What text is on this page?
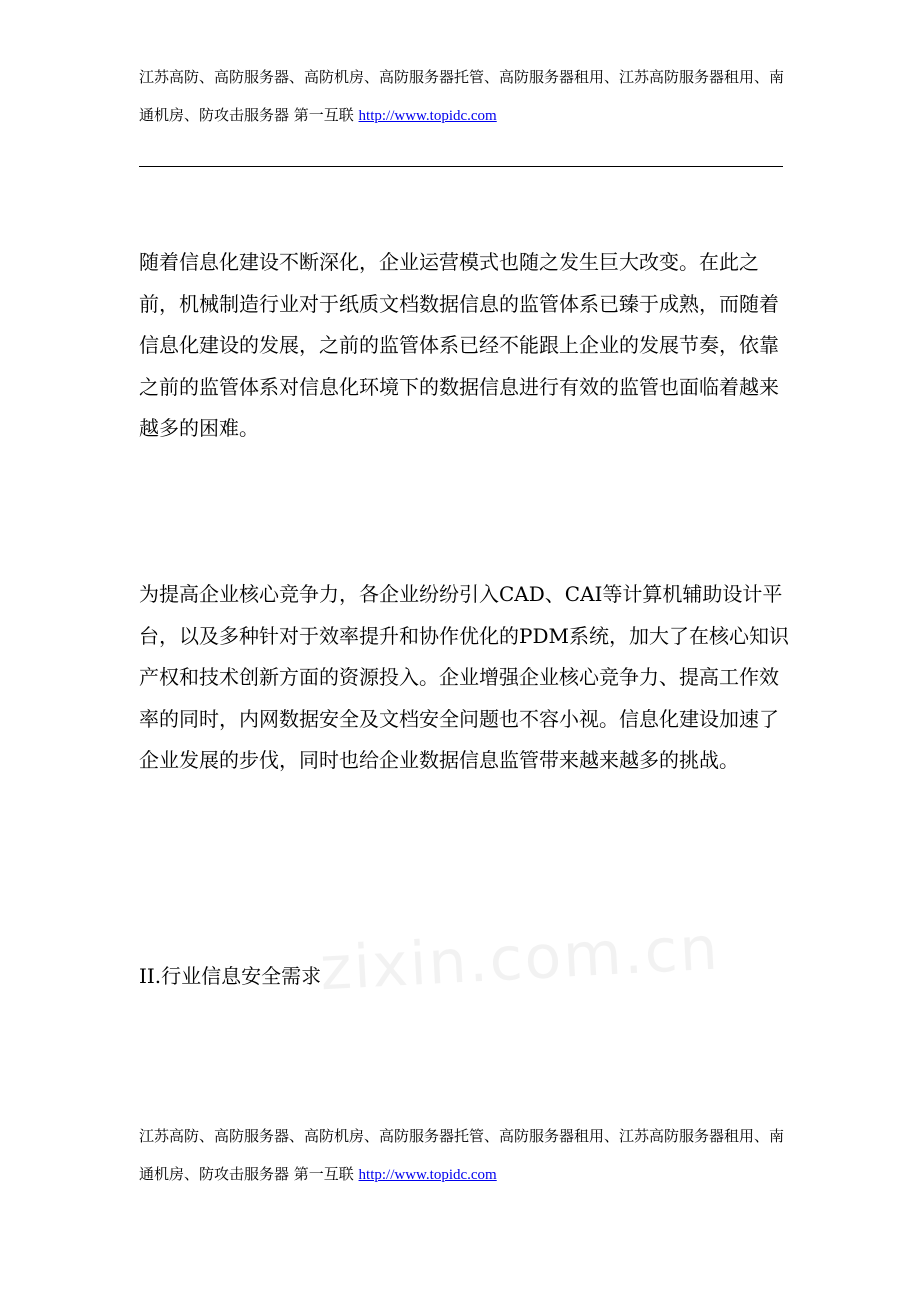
江苏高防、高防服务器、高防机房、高防服务器托管、高防服务器租用、江苏高防服务器租用、南通机房、防攻击服务器 第一互联 http://www.topidc.com

随着信息化建设不断深化，企业运营模式也随之发生巨大改变。在此之前，机械制造行业对于纸质文档数据信息的监管体系已臻于成熟，而随着信息化建设的发展，之前的监管体系已经不能跟上企业的发展节奏，依靠之前的监管体系对信息化环境下的数据信息进行有效的监管也面临着越来越多的困难。

为提高企业核心竞争力，各企业纷纷引入CAD、CAI等计算机辅助设计平台，以及多种针对于效率提升和协作优化的PDM系统，加大了在核心知识产权和技术创新方面的资源投入。企业增强企业核心竞争力、提高工作效率的同时，内网数据安全及文档安全问题也不容小视。信息化建设加速了企业发展的步伐，同时也给企业数据信息监管带来越来越多的挑战。

zixin.com.cn
II.行业信息安全需求
江苏高防、高防服务器、高防机房、高防服务器托管、高防服务器租用、江苏高防服务器租用、南通机房、防攻击服务器 第一互联 http://www.topidc.com
